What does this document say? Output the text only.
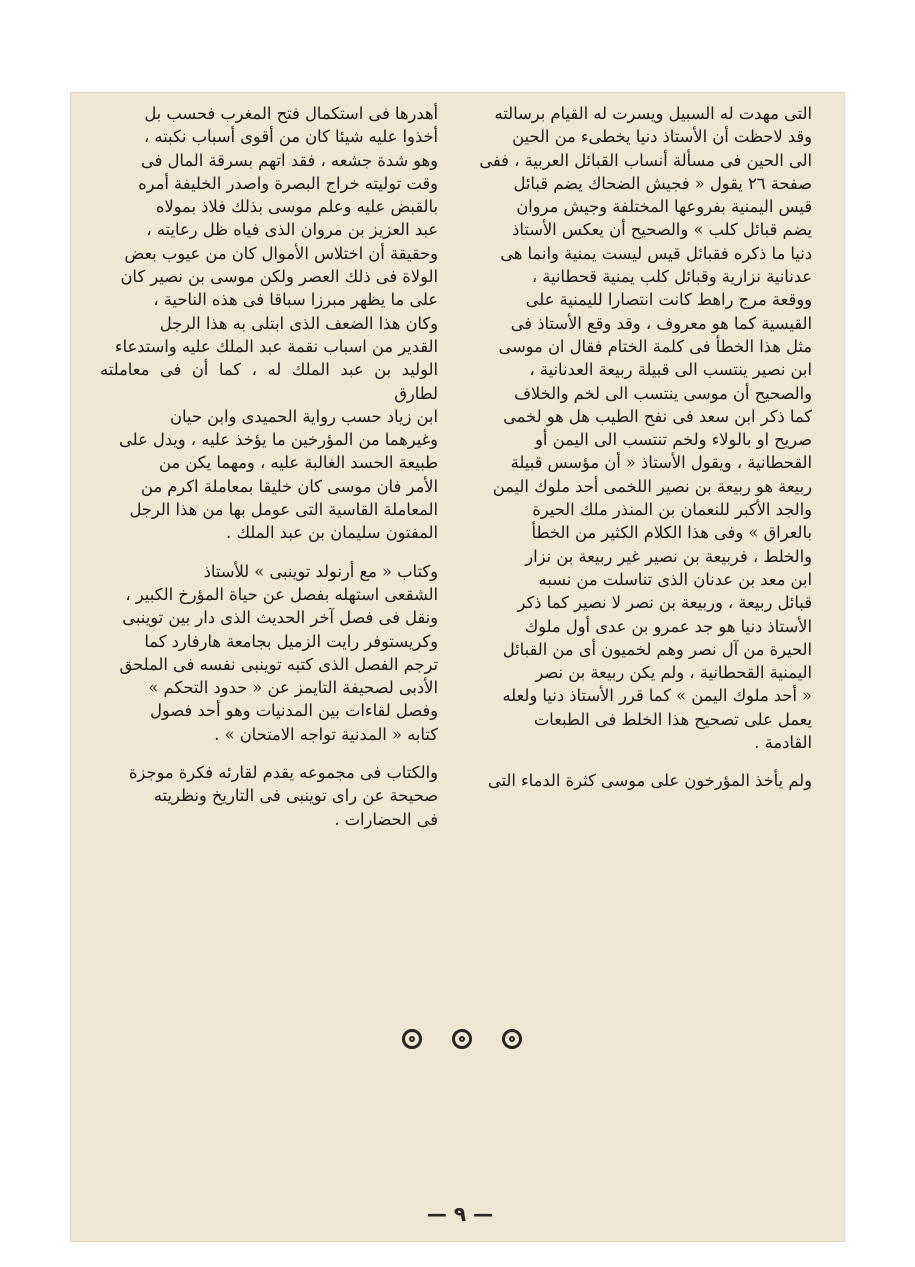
التى مهدت له السبيل ويسرت له القيام برسالته

وقد لاحظت أن الأستاذ دنيا يخطىء من الحين

الى الحين فى مسألة أنساب القبائل العربية ، ففى

صفحة ٢٦ يقول « فجيش الضحاك يضم قبائل

قيس اليمنية بفروعها المختلفة وجيش مروان

يضم قبائل كلب » والصحيح أن يعكس الأستاذ

دنيا ما ذكره فقبائل قيس ليست يمنية وانما هى

عدنانية نزارية وقبائل كلب يمنية قحطانية ،

ووقعة مرج راهط كانت انتصارا لليمنية على

القيسية كما هو معروف ، وقد وقع الأستاذ فى

مثل هذا الخطأ فى كلمة الختام فقال ان موسى

ابن نصير ينتسب الى قبيلة ربيعة العدنانية ،

والصحيح أن موسى ينتسب الى لخم والخلاف

كما ذكر ابن سعد فى نفح الطيب هل هو لخمى

صريح او بالولاء ولخم تنتسب الى اليمن أو

القحطانية ، ويقول الأستاذ « أن مؤسس قبيلة

ربيعة هو ربيعة بن نصير اللخمى أحد ملوك اليمن

والجد الأكبر للنعمان بن المنذر ملك الحيرة

بالعراق » وفى هذا الكلام الكثير من الخطأ

والخلط ، فربيعة بن نصير غير ربيعة بن نزار

ابن معد بن عدنان الذى تناسلت من نسبه

قبائل ربيعة ، وربيعة بن نصر لا نصير كما ذكر

الأستاذ دنيا هو جد عمرو بن عدى أول ملوك

الحيرة من آل نصر وهم لخميون أى من القبائل

اليمنية القحطانية ، ولم يكن ربيعة بن نصر

« أحد ملوك اليمن » كما قرر الأستاذ دنيا ولعله

يعمل على تصحيح هذا الخلط فى الطبعات

القادمة .

ولم يأخذ المؤرخون على موسى كثرة الدماء التى

أهدرها فى استكمال فتح المغرب فحسب بل

أخذوا عليه شيئا كان من أقوى أسباب نكبته ،

وهو شدة جشعه ، فقد اتهم بسرقة المال فى

وقت توليته خراج البصرة واصدر الخليفة أمره

بالقبض عليه وعلم موسى بذلك فلاذ بمولاه

عبد العزيز بن مروان الذى فياه ظل رعايته ،

وحقيقة أن اختلاس الأموال كان من عيوب بعض

الولاة فى ذلك العصر ولكن موسى بن نصير كان

على ما يظهر مبرزا سباقا فى هذه الناحية ،

وكان هذا الضعف الذى ابتلى به هذا الرجل

القدير من اسباب نقمة عبد الملك عليه واستدعاء

الوليد بن عبد الملك له ، كما أن فى معاملته لطارق

ابن زياد حسب رواية الحميدى وابن حيان

وغيرهما من المؤرخين ما يؤخذ عليه ، ويدل على

طبيعة الحسد الغالبة عليه ، ومهما يكن من

الأمر فان موسى كان خليقا بمعاملة اكرم من

المعاملة القاسية التى عومل بها من هذا الرجل

المفتون سليمان بن عبد الملك .

وكتاب « مع أرنولد توينبى » للأستاذ

الشقعى استهله بفصل عن حياة المؤرخ الكبير ،

ونقل فى فصل آخر الحديث الذى دار بين توينبى

وكريستوفر رايت الزميل بجامعة هارفارد كما

ترجم الفصل الذى كتبه توينبى نفسه فى الملحق

الأدبى لصحيفة التايمز عن « حدود التحكم »

وفصل لقاءات بين المدنيات وهو أحد فصول

كتابه « المدنية تواجه الامتحان » .

والكتاب فى مجموعه يقدم لقارئه فكرة موجزة

صحيحة عن راى توينبى فى التاريخ ونظريته

فى الحضارات .

— ٩ —
